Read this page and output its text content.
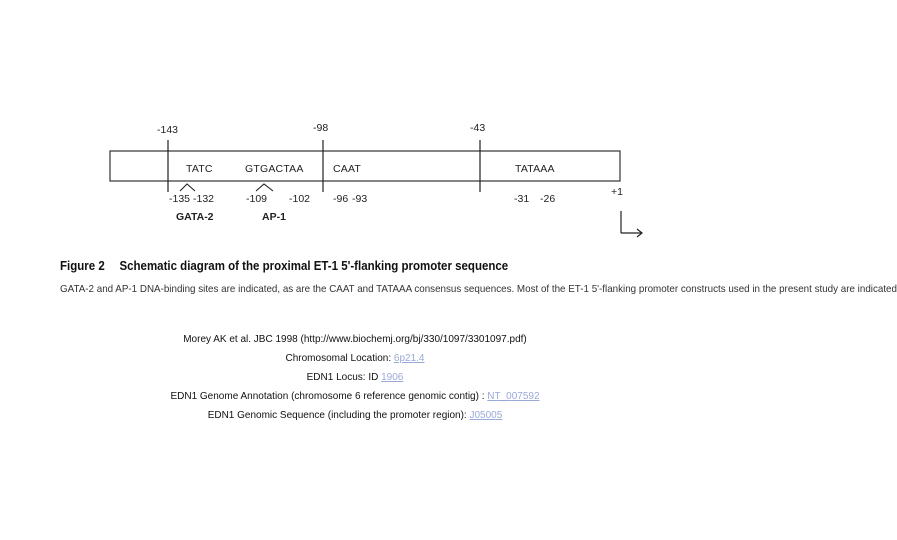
-143	-98	-43
TATC	GTGACTAA	CAAT	TATAAA
-135 -132	-109 -102 -96 -93	-31 -26
+1
GATA-2	AP-1
Figure 2 Schematic diagram of the proximal ET-1 5'-flanking promoter sequence
GATA-2 and AP-1 DNA-binding sites are indicated, as are the CAAT and TATAAA consensus sequences. Most of the ET-1 5'-flanking promoter constructs used in the present study are indicated
Morey AK et al. JBC 1998 (http://www.biochemj.org/bj/330/1097/3301097.pdf)
Chromosomal Location: 6p21.4
EDN1 Locus: ID 1906
EDN1 Genome Annotation (chromosome 6 reference genomic contig) : NT_007592
EDN1 Genomic Sequence (including the promoter region): J05005
